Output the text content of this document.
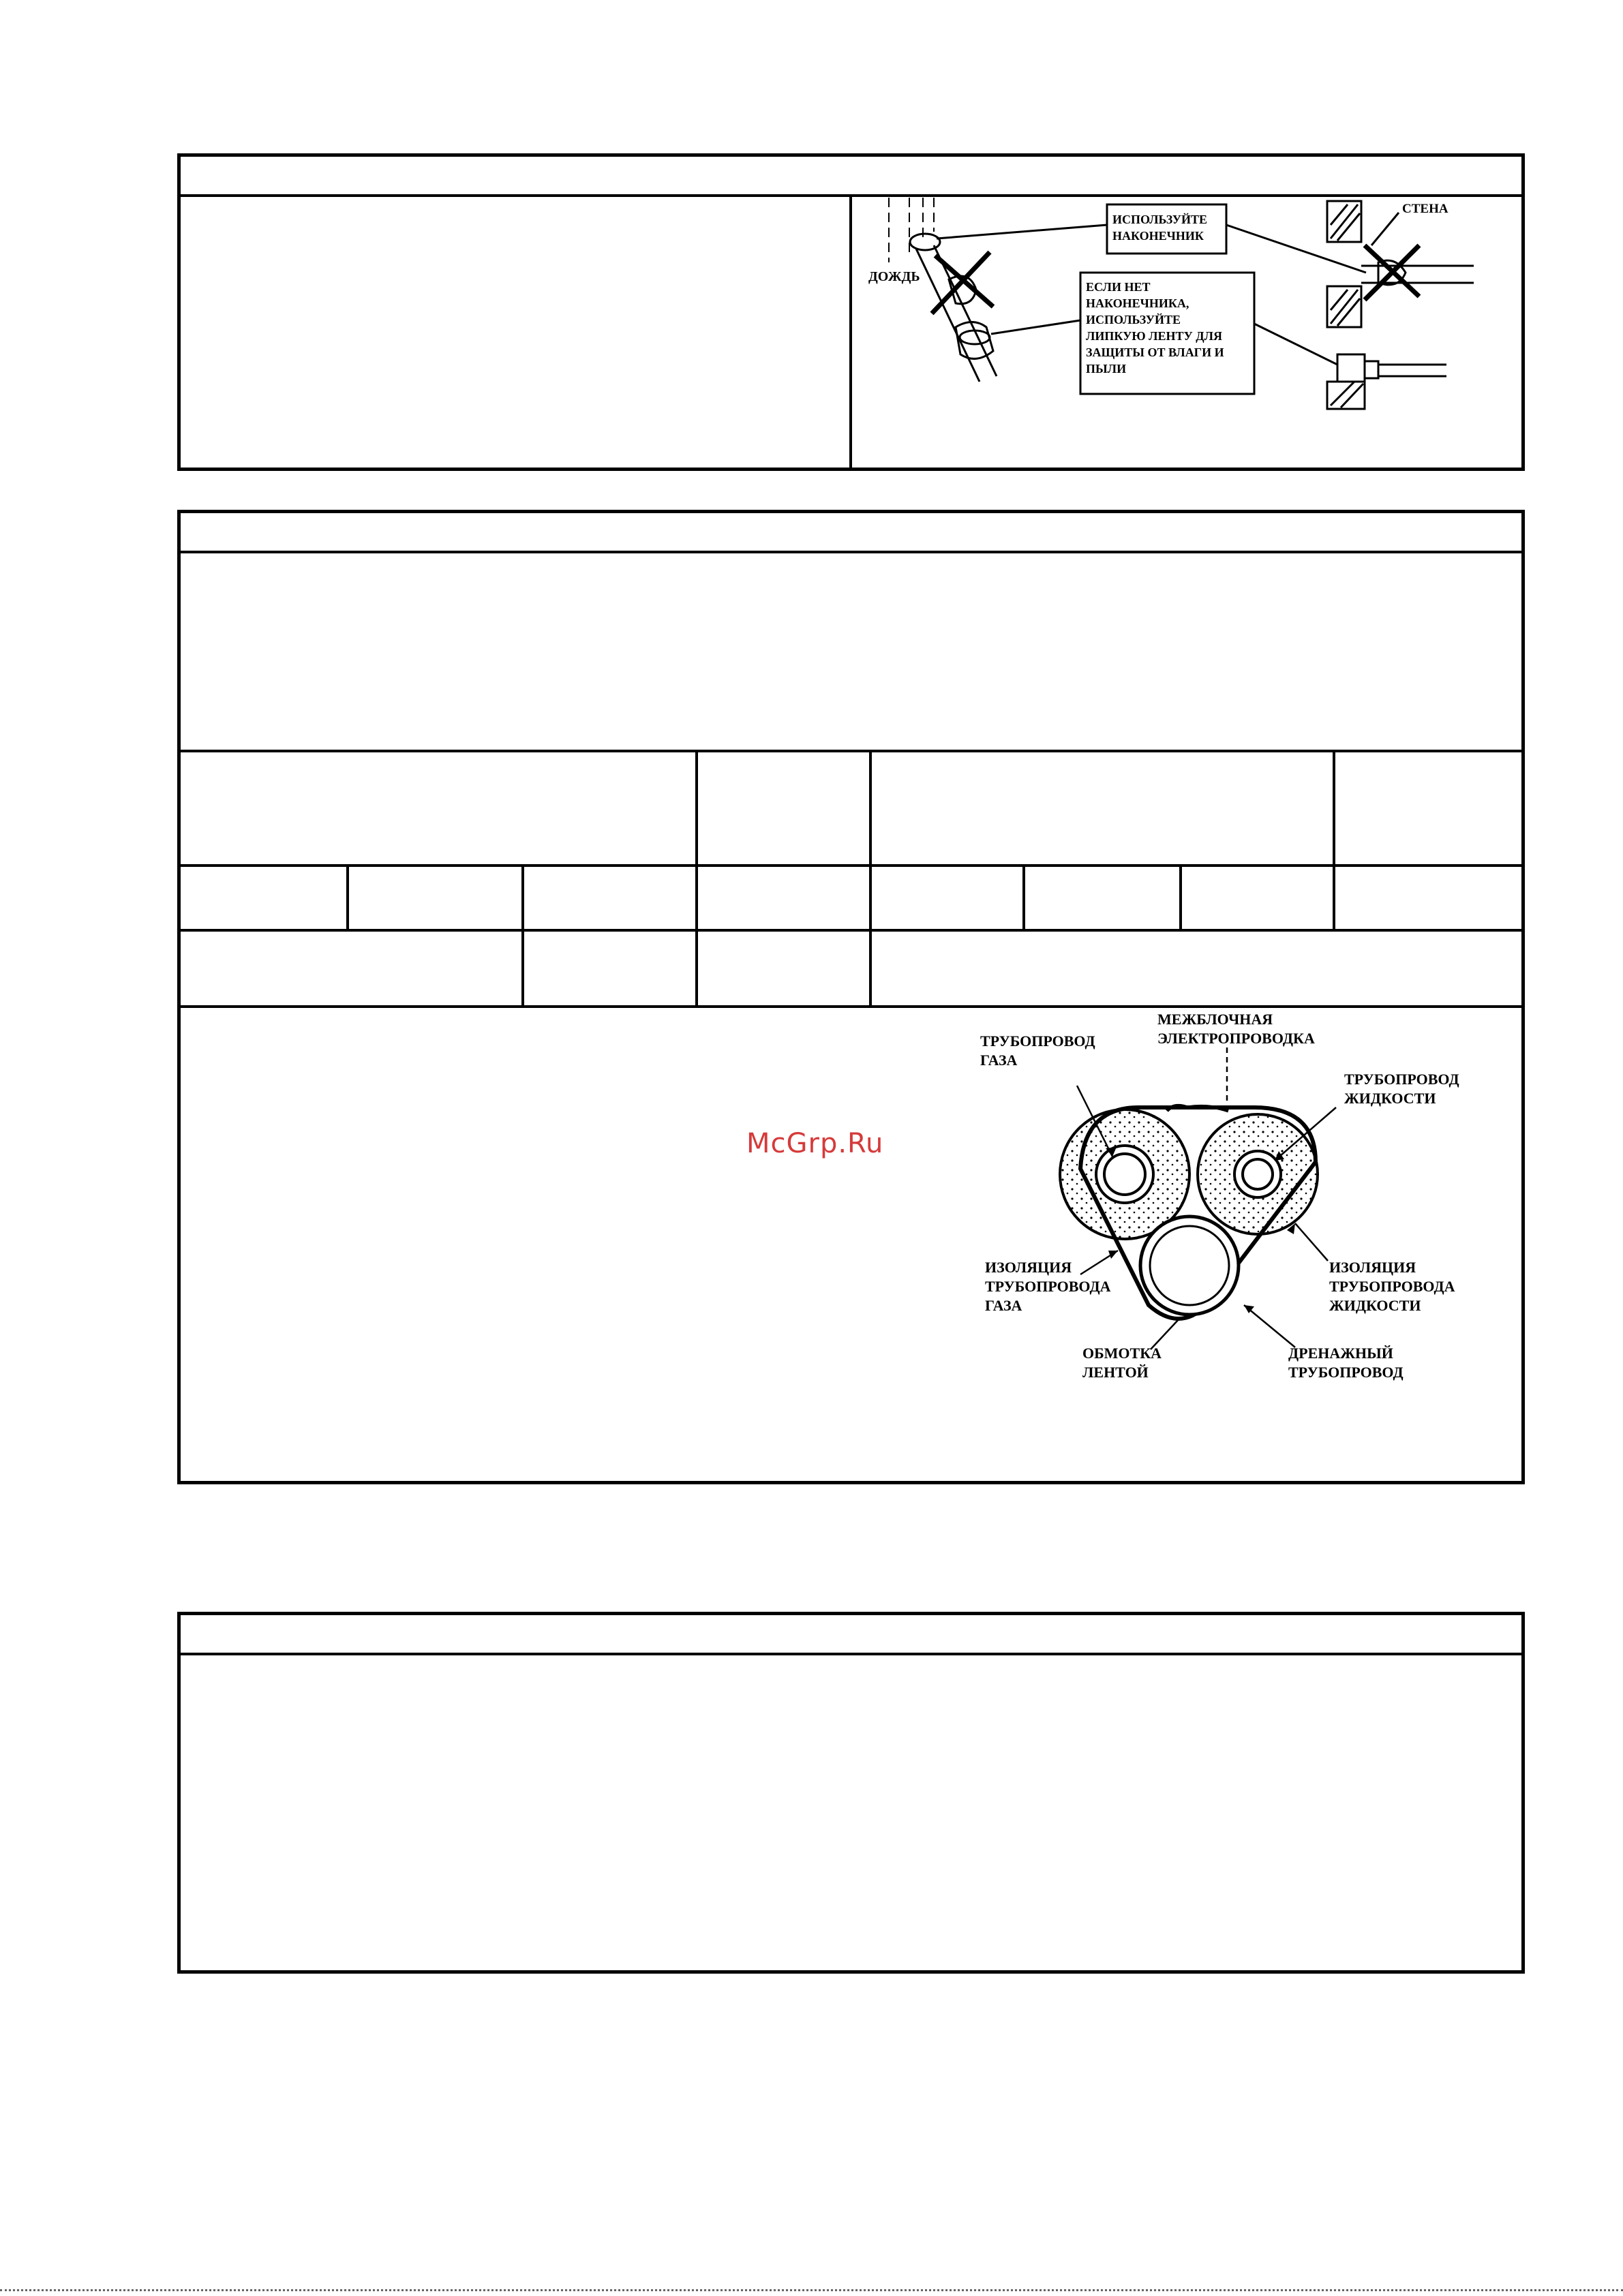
ДОЖДЬ
ИСПОЛЬЗУЙТЕ
НАКОНЕЧНИК
ЕСЛИ НЕТ
НАКОНЕЧНИКА,
ИСПОЛЬЗУЙТЕ
ЛИПКУЮ ЛЕНТУ ДЛЯ
ЗАЩИТЫ ОТ ВЛАГИ И
ПЫЛИ
СТЕНА
McGrp.Ru
МЕЖБЛОЧНАЯ
ЭЛЕКТРОПРОВОДКА
ТРУБОПРОВОД
ГАЗА
ТРУБОПРОВОД
ЖИДКОСТИ
ИЗОЛЯЦИЯ
ТРУБОПРОВОДА
ГАЗА
ИЗОЛЯЦИЯ
ТРУБОПРОВОДА
ЖИДКОСТИ
ОБМОТКА
ЛЕНТОЙ
ДРЕНАЖНЫЙ
ТРУБОПРОВОД
